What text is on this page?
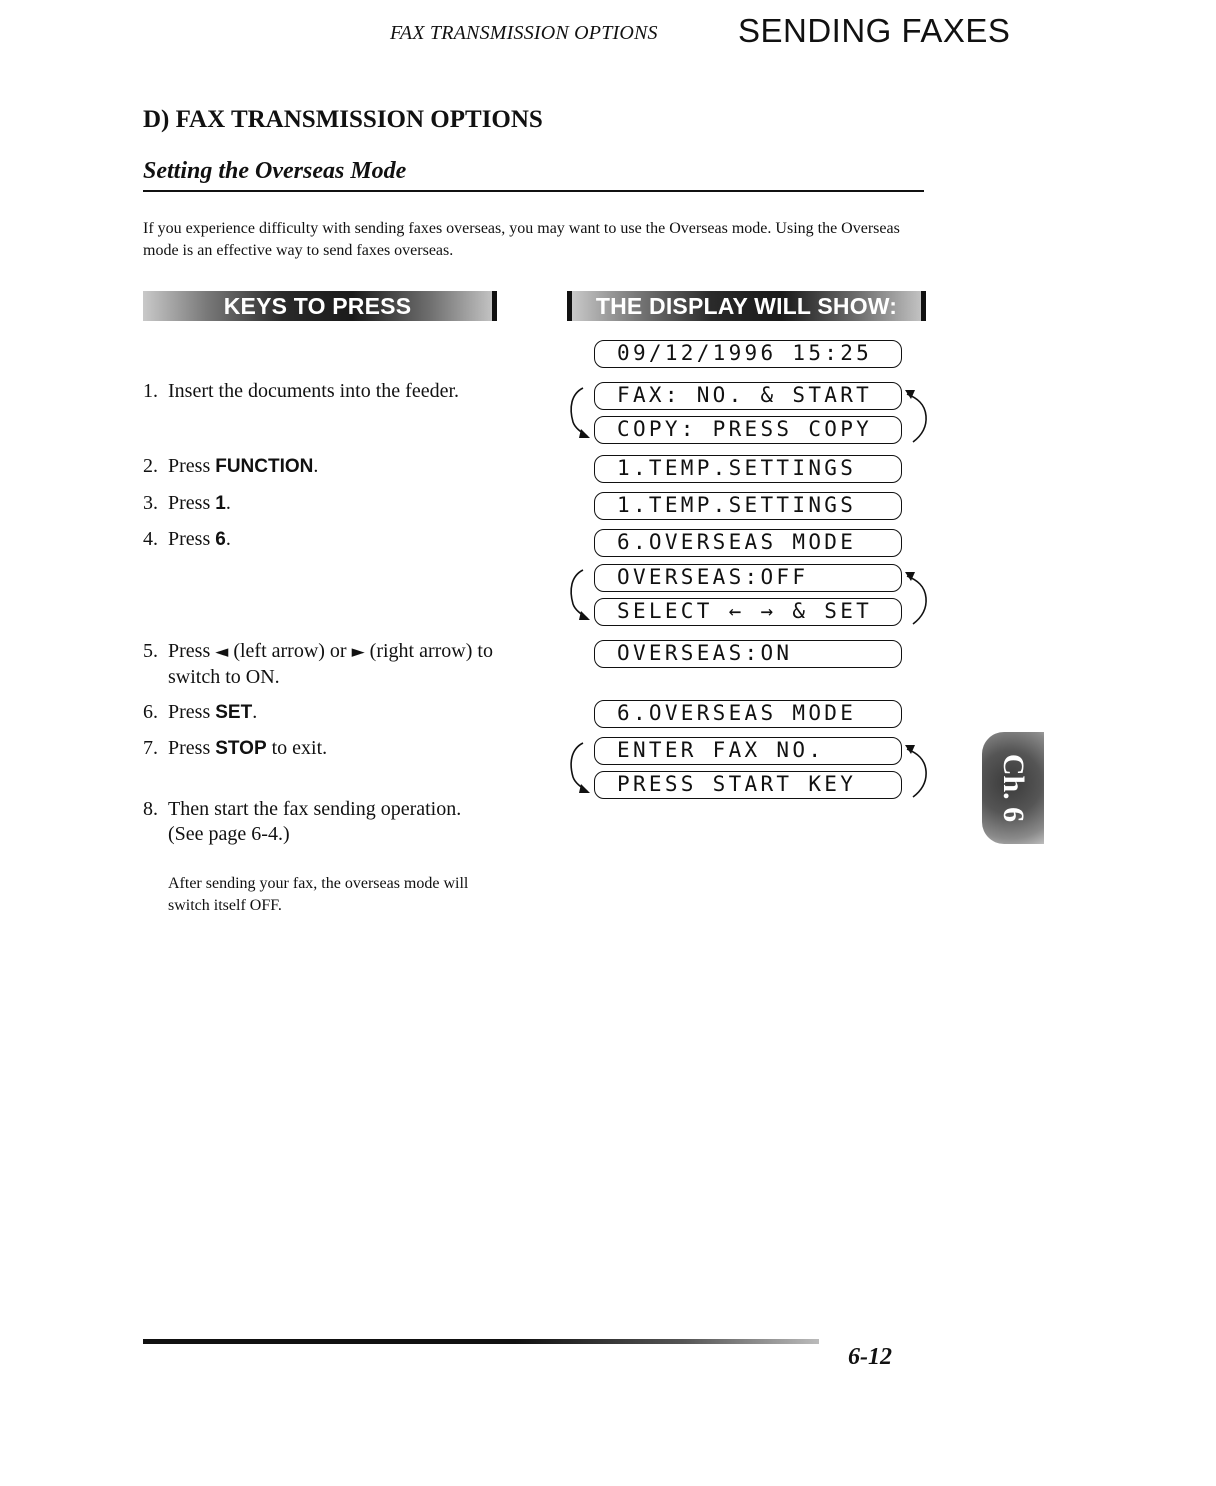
FAX TRANSMISSION OPTIONS	SENDING FAXES
D) FAX TRANSMISSION OPTIONS
Setting the Overseas Mode
If you experience difficulty with sending faxes overseas, you may want to use the Overseas mode. Using the Overseas mode is an effective way to send faxes overseas.
KEYS TO PRESS	THE DISPLAY WILL SHOW:
1. Insert the documents into the feeder.
2. Press FUNCTION.
3. Press 1.
4. Press 6.
5. Press ◄ (left arrow) or ► (right arrow) to switch to ON.
6. Press SET.
7. Press STOP to exit.
8. Then start the fax sending operation. (See page 6-4.)
After sending your fax, the overseas mode will switch itself OFF.
09/12/1996 15:25
FAX: NO. & START
COPY: PRESS COPY
1.TEMP.SETTINGS
1.TEMP.SETTINGS
6.OVERSEAS MODE
OVERSEAS:OFF
SELECT ← → & SET
OVERSEAS:ON
6.OVERSEAS MODE
ENTER FAX NO.
PRESS START KEY	Ch. 6
6-12
